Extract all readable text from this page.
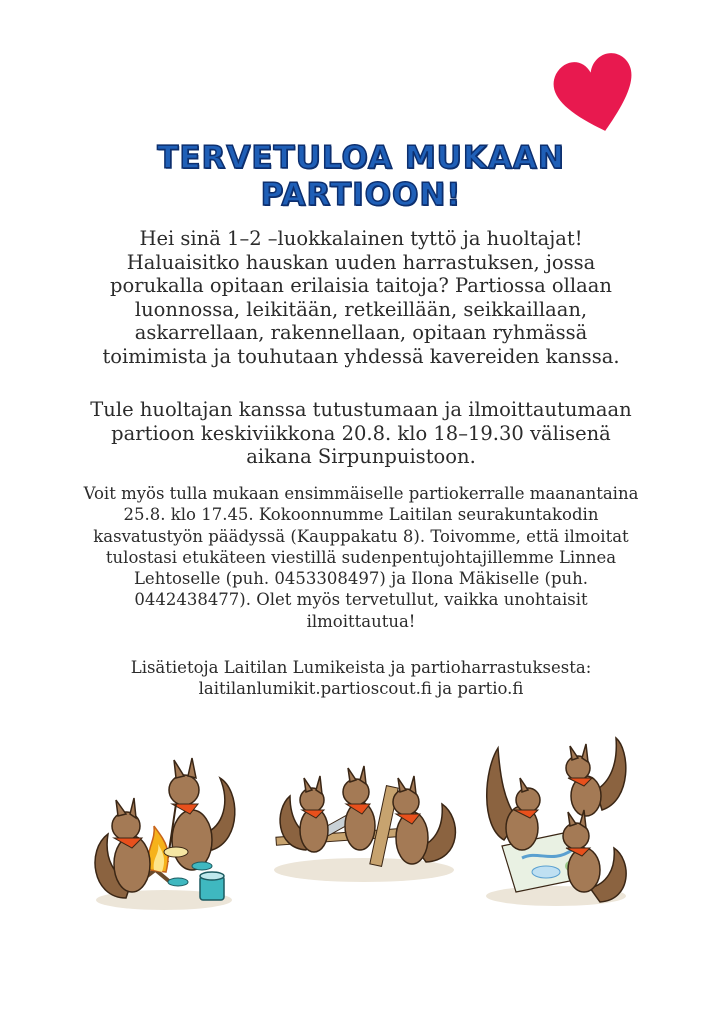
TERVETULOA MUKAAN
PARTIOON!

Hei sinä 1–2 –luokkalainen tyttö ja huoltajat! Haluaisitko hauskan uuden harrastuksen, jossa porukalla opitaan erilaisia taitoja? Partiossa ollaan luonnossa, leikitään, retkeillään, seikkaillaan, askarrellaan, rakennellaan, opitaan ryhmässä toimimista ja touhutaan yhdessä kavereiden kanssa.

Tule huoltajan kanssa tutustumaan ja ilmoittautumaan partioon keskiviikkona 20.8. klo 18–19.30 välisenä aikana Sirpunpuistoon.

Voit myös tulla mukaan ensimmäiselle partiokerralle maanantaina 25.8. klo 17.45. Kokoonnumme Laitilan seurakuntakodin kasvatustyön päädyssä (Kauppakatu 8). Toivomme, että ilmoitat tulostasi etukäteen viestillä sudenpentujohtajillemme Linnea Lehtoselle (puh. 0453308497) ja Ilona Mäkiselle (puh. 0442438477). Olet myös tervetullut, vaikka unohtaisit ilmoittautua!

Lisätietoja Laitilan Lumikeista ja partioharrastuksesta: laitilanlumikit.partioscout.fi ja partio.fi
